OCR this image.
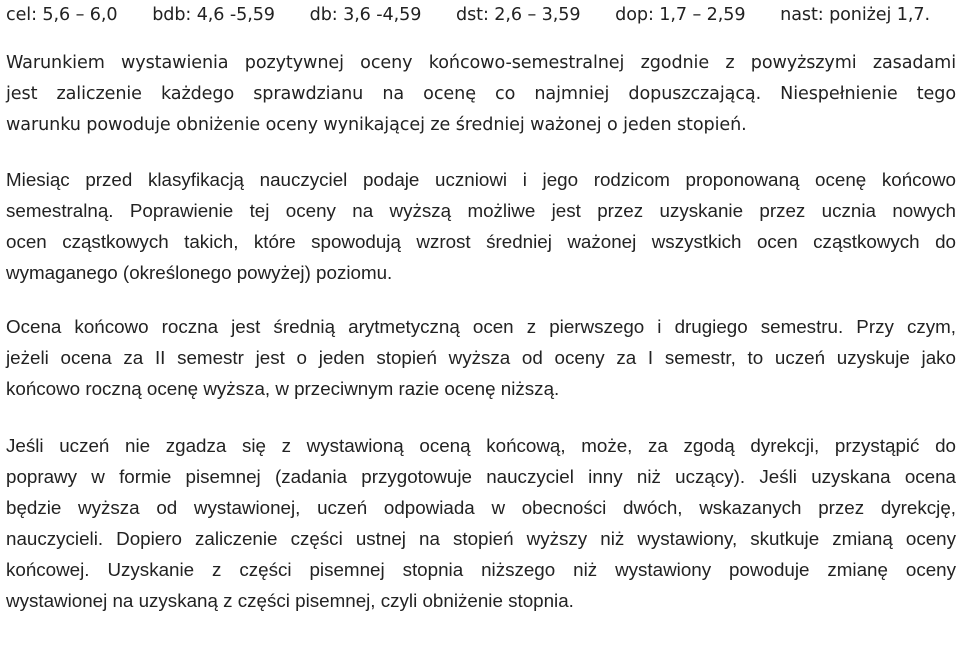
cel: 5,6 – 6,0 bdb: 4,6 -5,59 db: 3,6 -4,59 dst: 2,6 – 3,59 dop: 1,7 – 2,59 nast: poniżej 1,7.
Warunkiem wystawienia pozytywnej oceny końcowo-semestralnej zgodnie z powyższymi zasadami
jest zaliczenie każdego sprawdzianu na ocenę co najmniej dopuszczającą. Niespełnienie tego
warunku powoduje obniżenie oceny wynikającej ze średniej ważonej o jeden stopień.
Miesiąc przed klasyfikacją nauczyciel podaje uczniowi i jego rodzicom proponowaną ocenę końcowo
semestralną. Poprawienie tej oceny na wyższą możliwe jest przez uzyskanie przez ucznia nowych
ocen cząstkowych takich, które spowodują wzrost średniej ważonej wszystkich ocen cząstkowych do
wymaganego (określonego powyżej) poziomu.
Ocena końcowo roczna jest średnią arytmetyczną ocen z pierwszego i drugiego semestru. Przy czym,
jeżeli ocena za II semestr jest o jeden stopień wyższa od oceny za I semestr, to uczeń uzyskuje jako
końcowo roczną ocenę wyższa, w przeciwnym razie ocenę niższą.
Jeśli uczeń nie zgadza się z wystawioną oceną końcową, może, za zgodą dyrekcji, przystąpić do
poprawy w formie pisemnej (zadania przygotowuje nauczyciel inny niż uczący). Jeśli uzyskana ocena
będzie wyższa od wystawionej, uczeń odpowiada w obecności dwóch, wskazanych przez dyrekcję,
nauczycieli. Dopiero zaliczenie części ustnej na stopień wyższy niż wystawiony, skutkuje zmianą oceny
końcowej. Uzyskanie z części pisemnej stopnia niższego niż wystawiony powoduje zmianę oceny
wystawionej na uzyskaną z części pisemnej, czyli obniżenie stopnia.
